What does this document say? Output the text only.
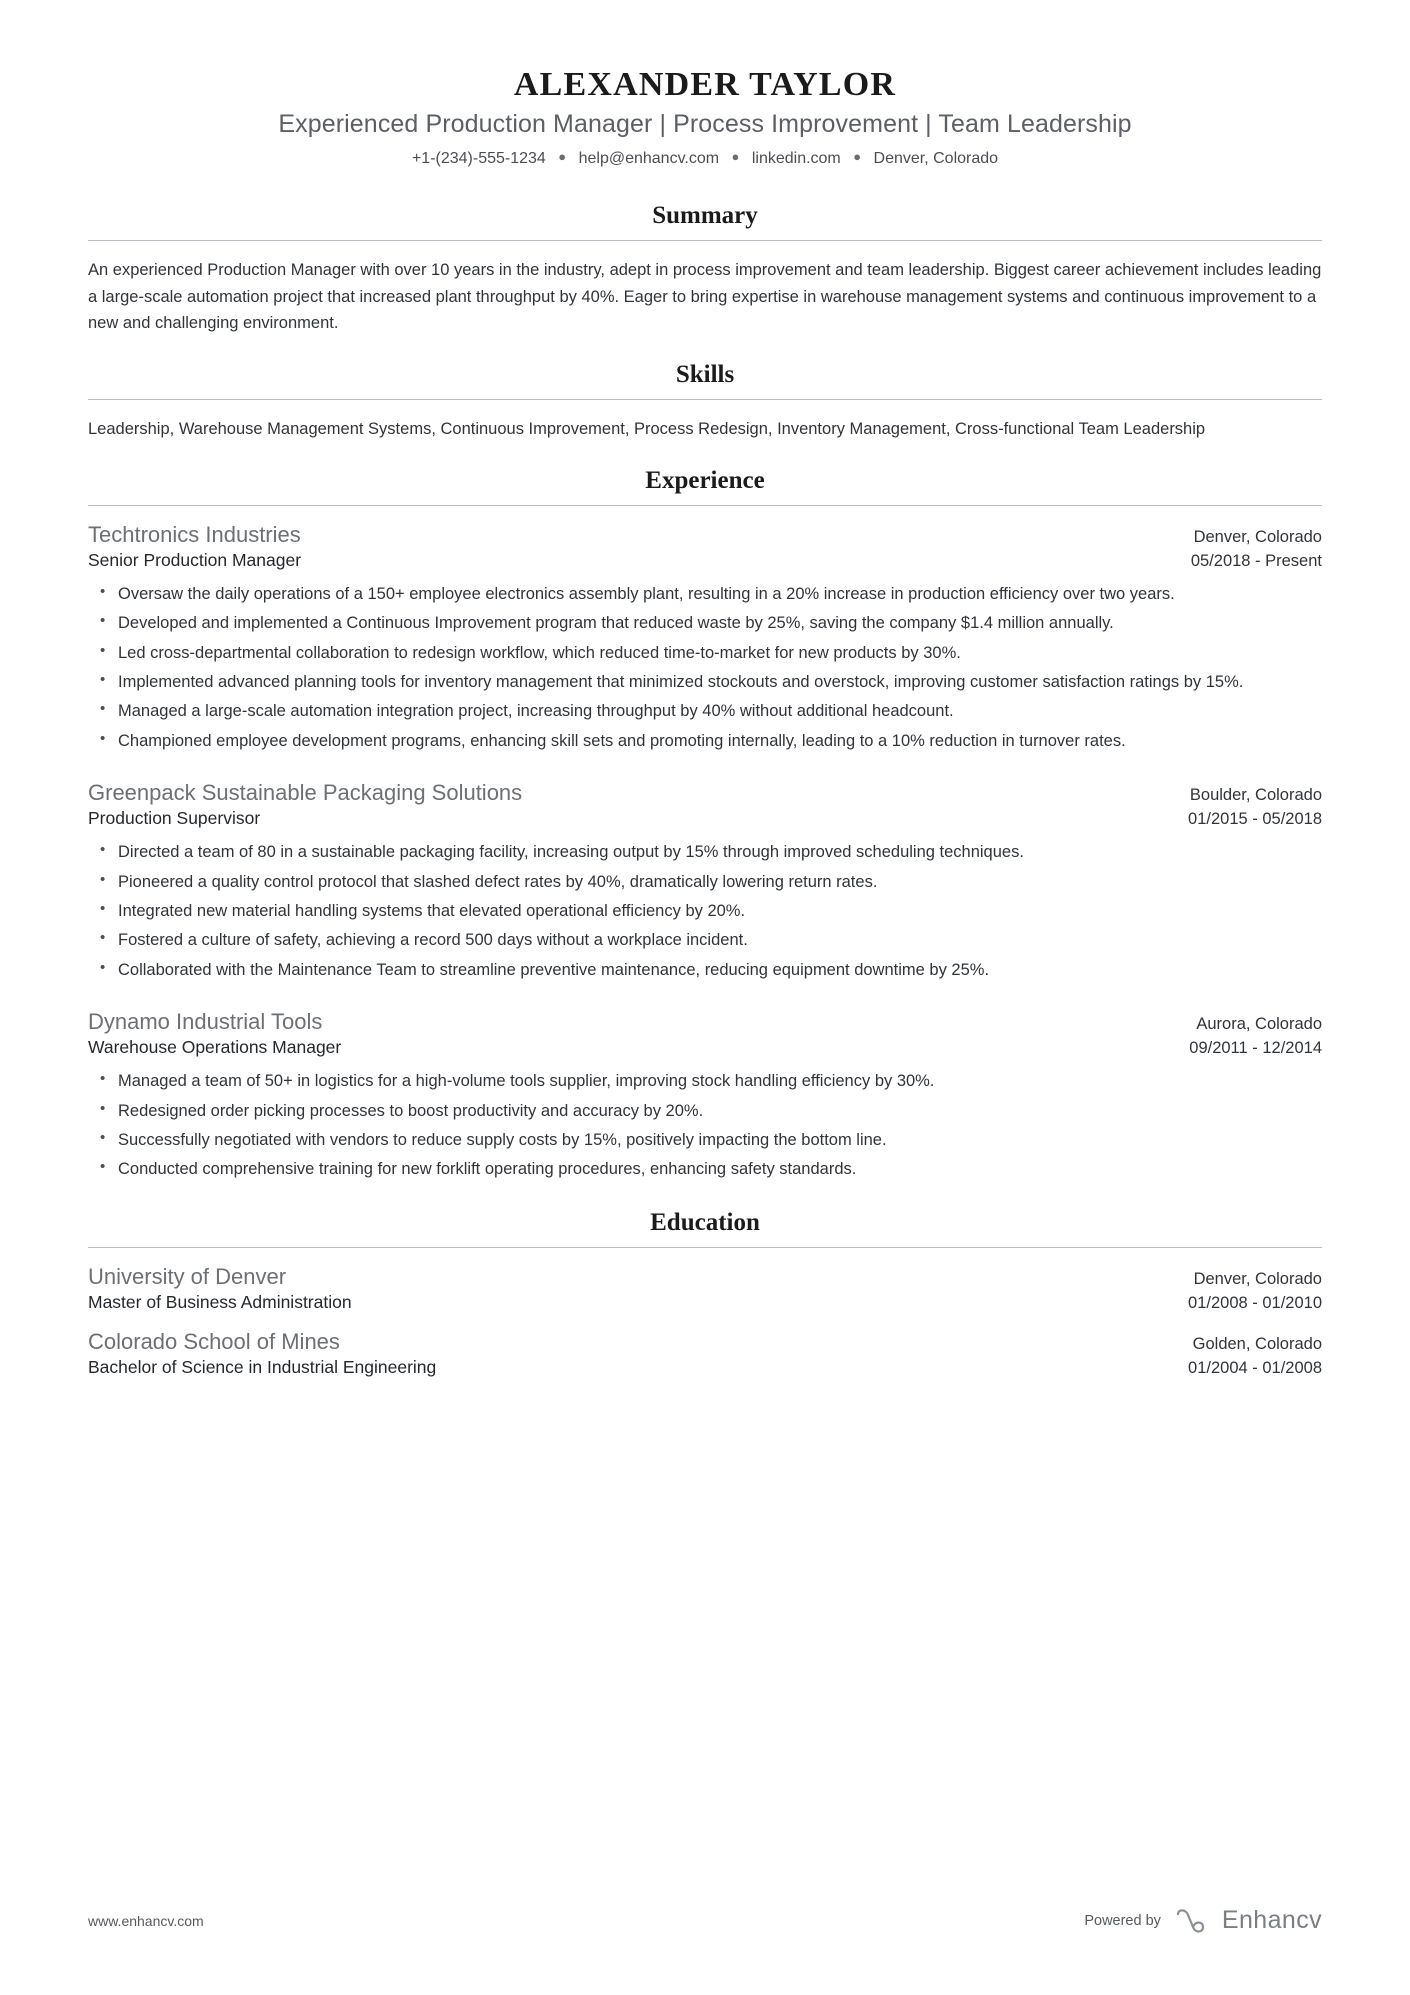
ALEXANDER TAYLOR
Experienced Production Manager | Process Improvement | Team Leadership
+1-(234)-555-1234 ● help@enhancv.com ● linkedin.com ● Denver, Colorado
Summary
An experienced Production Manager with over 10 years in the industry, adept in process improvement and team leadership. Biggest career achievement includes leading a large-scale automation project that increased plant throughput by 40%. Eager to bring expertise in warehouse management systems and continuous improvement to a new and challenging environment.
Skills
Leadership, Warehouse Management Systems, Continuous Improvement, Process Redesign, Inventory Management, Cross-functional Team Leadership
Experience
Techtronics Industries	Denver, Colorado
Senior Production Manager	05/2018 - Present
• Oversaw the daily operations of a 150+ employee electronics assembly plant, resulting in a 20% increase in production efficiency over two years.
• Developed and implemented a Continuous Improvement program that reduced waste by 25%, saving the company $1.4 million annually.
• Led cross-departmental collaboration to redesign workflow, which reduced time-to-market for new products by 30%.
• Implemented advanced planning tools for inventory management that minimized stockouts and overstock, improving customer satisfaction ratings by 15%.
• Managed a large-scale automation integration project, increasing throughput by 40% without additional headcount.
• Championed employee development programs, enhancing skill sets and promoting internally, leading to a 10% reduction in turnover rates.
Greenpack Sustainable Packaging Solutions	Boulder, Colorado
Production Supervisor	01/2015 - 05/2018
• Directed a team of 80 in a sustainable packaging facility, increasing output by 15% through improved scheduling techniques.
• Pioneered a quality control protocol that slashed defect rates by 40%, dramatically lowering return rates.
• Integrated new material handling systems that elevated operational efficiency by 20%.
• Fostered a culture of safety, achieving a record 500 days without a workplace incident.
• Collaborated with the Maintenance Team to streamline preventive maintenance, reducing equipment downtime by 25%.
Dynamo Industrial Tools	Aurora, Colorado
Warehouse Operations Manager	09/2011 - 12/2014
• Managed a team of 50+ in logistics for a high-volume tools supplier, improving stock handling efficiency by 30%.
• Redesigned order picking processes to boost productivity and accuracy by 20%.
• Successfully negotiated with vendors to reduce supply costs by 15%, positively impacting the bottom line.
• Conducted comprehensive training for new forklift operating procedures, enhancing safety standards.
Education
University of Denver	Denver, Colorado
Master of Business Administration	01/2008 - 01/2010
Colorado School of Mines	Golden, Colorado
Bachelor of Science in Industrial Engineering	01/2004 - 01/2008
www.enhancv.com	Powered by Enhancv
